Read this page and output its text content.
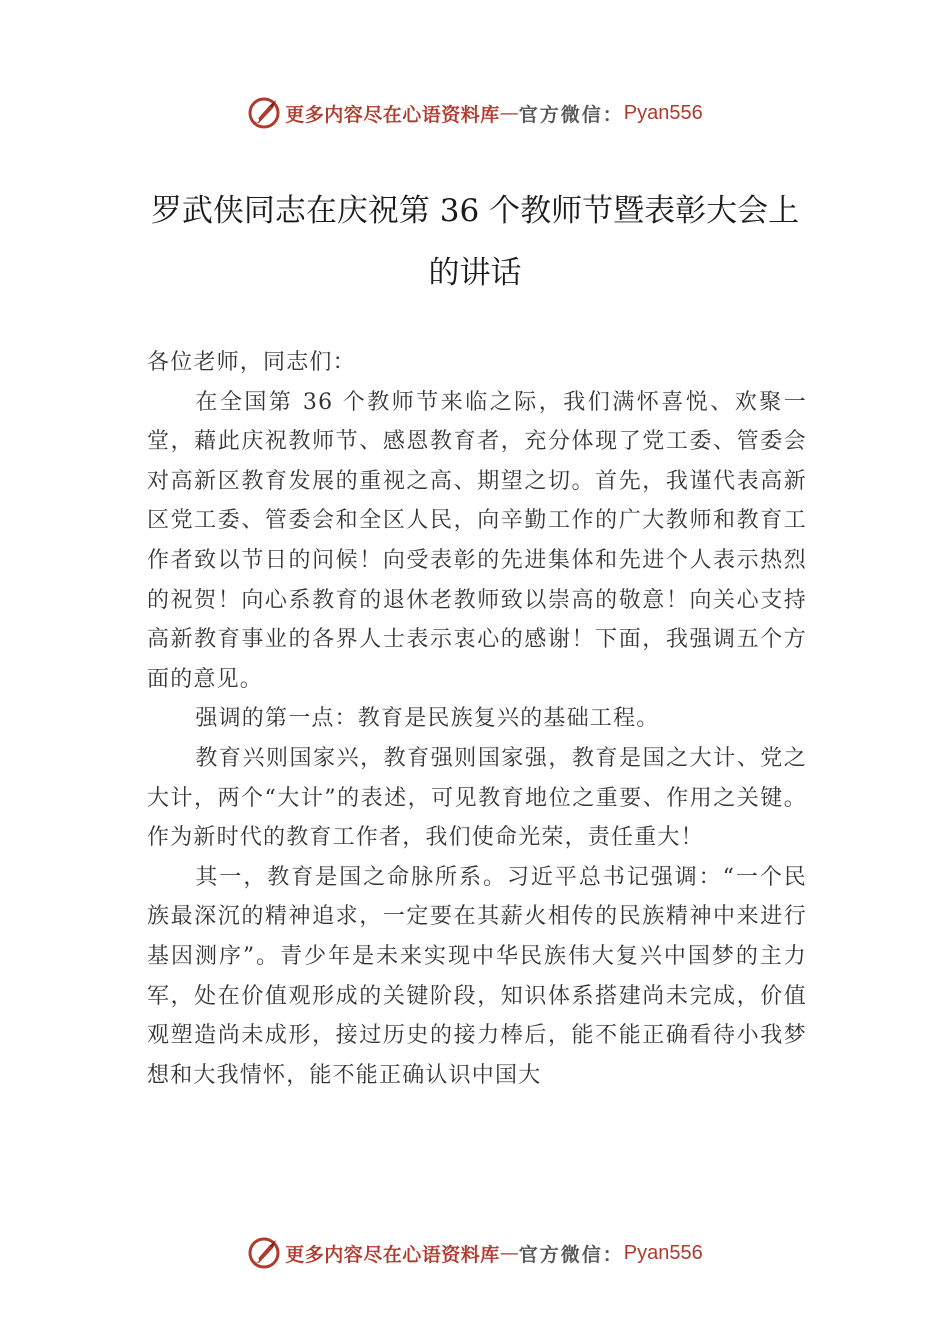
更多内容尽在心语资料库 — 官方微信： Pyan556
罗武侠同志在庆祝第 36 个教师节暨表彰大会上的讲话

各位老师，同志们：

在全国第 36 个教师节来临之际，我们满怀喜悦、欢聚一堂，藉此庆祝教师节、感恩教育者，充分体现了党工委、管委会对高新区教育发展的重视之高、期望之切。首先，我谨代表高新区党工委、管委会和全区人民，向辛勤工作的广大教师和教育工作者致以节日的问候！向受表彰的先进集体和先进个人表示热烈的祝贺！向心系教育的退休老教师致以崇高的敬意！向关心支持高新教育事业的各界人士表示衷心的感谢！下面，我强调五个方面的意见。

强调的第一点：教育是民族复兴的基础工程。

教育兴则国家兴，教育强则国家强，教育是国之大计、党之大计，两个“大计”的表述，可见教育地位之重要、作用之关键。作为新时代的教育工作者，我们使命光荣，责任重大！

其一，教育是国之命脉所系。习近平总书记强调：“一个民族最深沉的精神追求，一定要在其薪火相传的民族精神中来进行基因测序”。青少年是未来实现中华民族伟大复兴中国梦的主力军，处在价值观形成的关键阶段，知识体系搭建尚未完成，价值观塑造尚未成形，接过历史的接力棒后，能不能正确看待小我梦想和大我情怀，能不能正确认识中国大

更多内容尽在心语资料库 — 官方微信： Pyan556
